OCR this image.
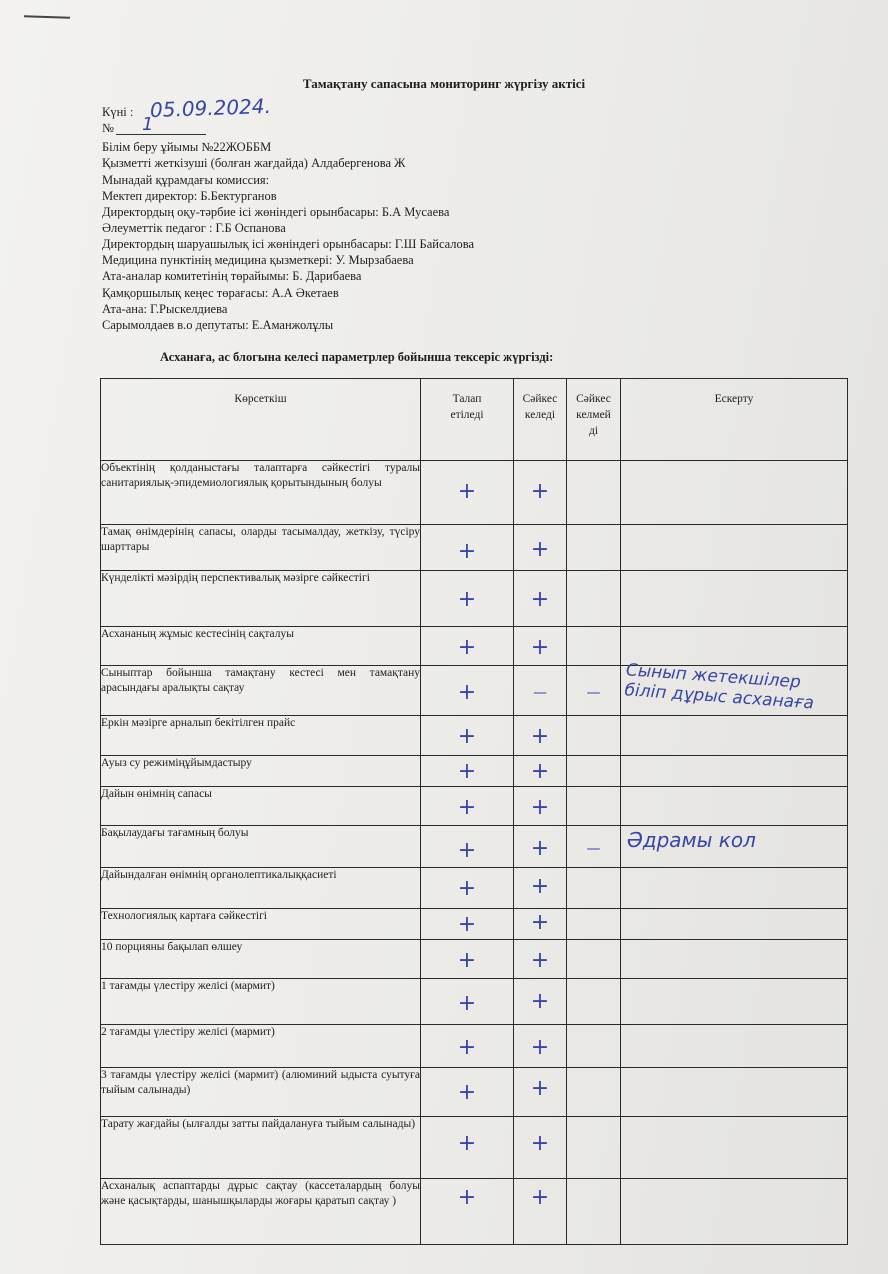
Тамақтану сапасына мониторинг жүргізу актісі
Күні : 05.09.2024.
№ 1
Білім беру ұйымы №22ЖОББМ
Қызметті жеткізуші (болған жағдайда) Алдабергенова Ж
Мынадай құрамдағы комиссия:
Мектеп директор: Б.Бектурганов
Директордың оқу-тәрбие ісі жөніндегі орынбасары: Б.А Мусаева
Әлеуметтік педагог : Г.Б Оспанова
Директордың шаруашылық ісі жөніндегі орынбасары: Г.Ш Байсалова
Медицина пунктінің медицина қызметкері: У. Мырзабаева
Ата-аналар комитетінің төрайымы: Б. Дарибаева
Қамқоршылық кеңес төрағасы: А.А Әкетаев
Ата-ана: Г.Рыскелдиева
Сарымолдаев в.о депутаты: Е.Аманжолұлы
Асханаға, ас блогына келесі параметрлер бойынша тексеріс жүргізді:
Көрсеткіш	Талап етіледі	Сәйкес келеді	Сәйкес келмейді	Ескерту
Объектінің қолданыстағы талаптарға сәйкестігі туралы санитариялық-эпидемиологиялық қорытындының болуы	+	+		

Тамақ өнімдерінің сапасы, оларды тасымалдау, жеткізу, түсіру шарттары	+	+		

Күнделікті мәзірдің перспективалық мәзірге сәйкестігі	+	+		

Асхананың жұмыс кестесінің сақталуы	+	+		

Сыныптар бойынша тамақтану кестесі мен тамақтану арасындағы аралықты сақтау	+	—	—	Сынып жетекшілер біліп дұрыс асханаға

Еркін мәзірге арналып бекітілген прайс	+	+		

Ауыз су режиміңұйымдастыру	+	+		

Дайын өнімнің сапасы	+	+		

Бақылаудағы тағамның болуы	+	+	—	Әдрамы кол

Дайындалған өнімнің органолептикалыққасиеті	+	+		

Технологиялық картаға сәйкестігі	+	+		

10 порцияны бақылап өлшеу	+	+		

1 тағамды үлестіру желісі (мармит)	+	+		

2 тағамды үлестіру желісі (мармит)	+	+		

3 тағамды үлестіру желісі (мармит) (алюминий ыдыста суытуға тыйым салынады)	+	+		

Тарату жағдайы (ылғалды затты пайдалануға тыйым салынады)	+	+		

Асханалық аспаптарды дұрыс сақтау (кассеталардың болуы және қасықтарды, шанышқыларды жоғары қаратып сақтау )	+	+		
